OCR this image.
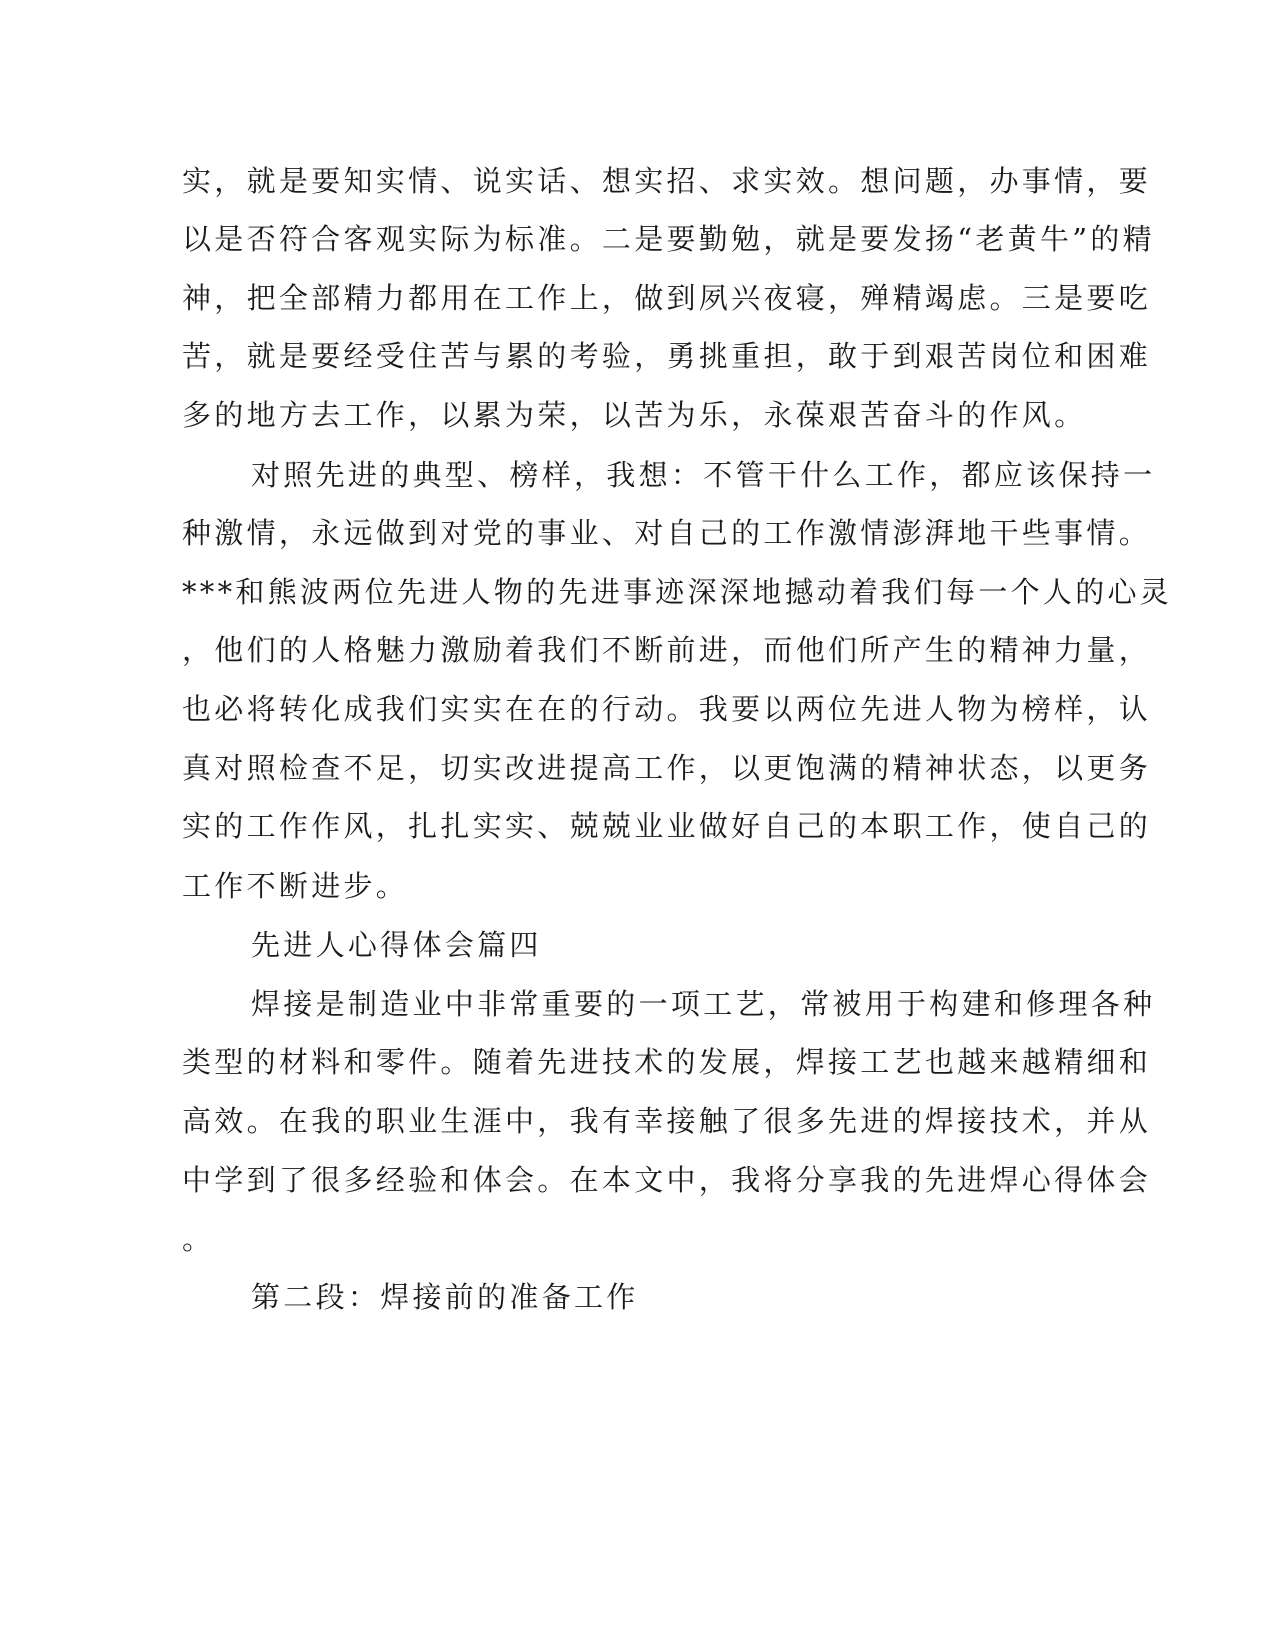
实，就是要知实情、说实话、想实招、求实效。想问题，办事情，要
以是否符合客观实际为标准。二是要勤勉，就是要发扬“老黄牛”的精
神，把全部精力都用在工作上，做到夙兴夜寝，殚精竭虑。三是要吃
苦，就是要经受住苦与累的考验，勇挑重担，敢于到艰苦岗位和困难
多的地方去工作，以累为荣，以苦为乐，永葆艰苦奋斗的作风。
对照先进的典型、榜样，我想：不管干什么工作，都应该保持一
种激情，永远做到对党的事业、对自己的工作激情澎湃地干些事情。
***和熊波两位先进人物的先进事迹深深地撼动着我们每一个人的心灵
，他们的人格魅力激励着我们不断前进，而他们所产生的精神力量，
也必将转化成我们实实在在的行动。我要以两位先进人物为榜样，认
真对照检查不足，切实改进提高工作，以更饱满的精神状态，以更务
实的工作作风，扎扎实实、兢兢业业做好自己的本职工作，使自己的
工作不断进步。
先进人心得体会篇四
焊接是制造业中非常重要的一项工艺，常被用于构建和修理各种
类型的材料和零件。随着先进技术的发展，焊接工艺也越来越精细和
高效。在我的职业生涯中，我有幸接触了很多先进的焊接技术，并从
中学到了很多经验和体会。在本文中，我将分享我的先进焊心得体会
。
第二段：焊接前的准备工作
